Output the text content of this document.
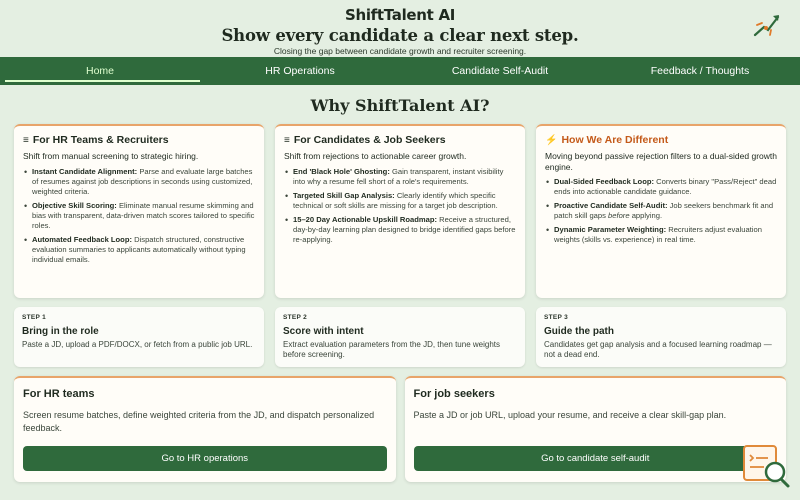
ShiftTalent AI
Show every candidate a clear next step.
Closing the gap between candidate growth and recruiter screening.
Home	HR Operations	Candidate Self-Audit	Feedback / Thoughts
Why ShiftTalent AI?
≡ For HR Teams & Recruiters
Shift from manual screening to strategic hiring.
• Instant Candidate Alignment: Parse and evaluate large batches of resumes against job descriptions in seconds using customized, weighted criteria.
• Objective Skill Scoring: Eliminate manual resume skimming and bias with transparent, data-driven match scores tailored to specific roles.
• Automated Feedback Loop: Dispatch structured, constructive evaluation summaries to applicants automatically without typing individual emails.
≡ For Candidates & Job Seekers
Shift from rejections to actionable career growth.
• End 'Black Hole' Ghosting: Gain transparent, instant visibility into why a resume fell short of a role's requirements.
• Targeted Skill Gap Analysis: Clearly identify which specific technical or soft skills are missing for a target job description.
• 15–20 Day Actionable Upskill Roadmap: Receive a structured, day-by-day learning plan designed to bridge identified gaps before re-applying.
⚡ How We Are Different
Moving beyond passive rejection filters to a dual-sided growth engine.
• Dual-Sided Feedback Loop: Converts binary "Pass/Reject" dead ends into actionable candidate guidance.
• Proactive Candidate Self-Audit: Job seekers benchmark fit and patch skill gaps before applying.
• Dynamic Parameter Weighting: Recruiters adjust evaluation weights (skills vs. experience) in real time.
STEP 1
Bring in the role
Paste a JD, upload a PDF/DOCX, or fetch from a public job URL.
STEP 2
Score with intent
Extract evaluation parameters from the JD, then tune weights before screening.
STEP 3
Guide the path
Candidates get gap analysis and a focused learning roadmap — not a dead end.
For HR teams
Screen resume batches, define weighted criteria from the JD, and dispatch personalized feedback.
Go to HR operations
For job seekers
Paste a JD or job URL, upload your resume, and receive a clear skill-gap plan.
Go to candidate self-audit
